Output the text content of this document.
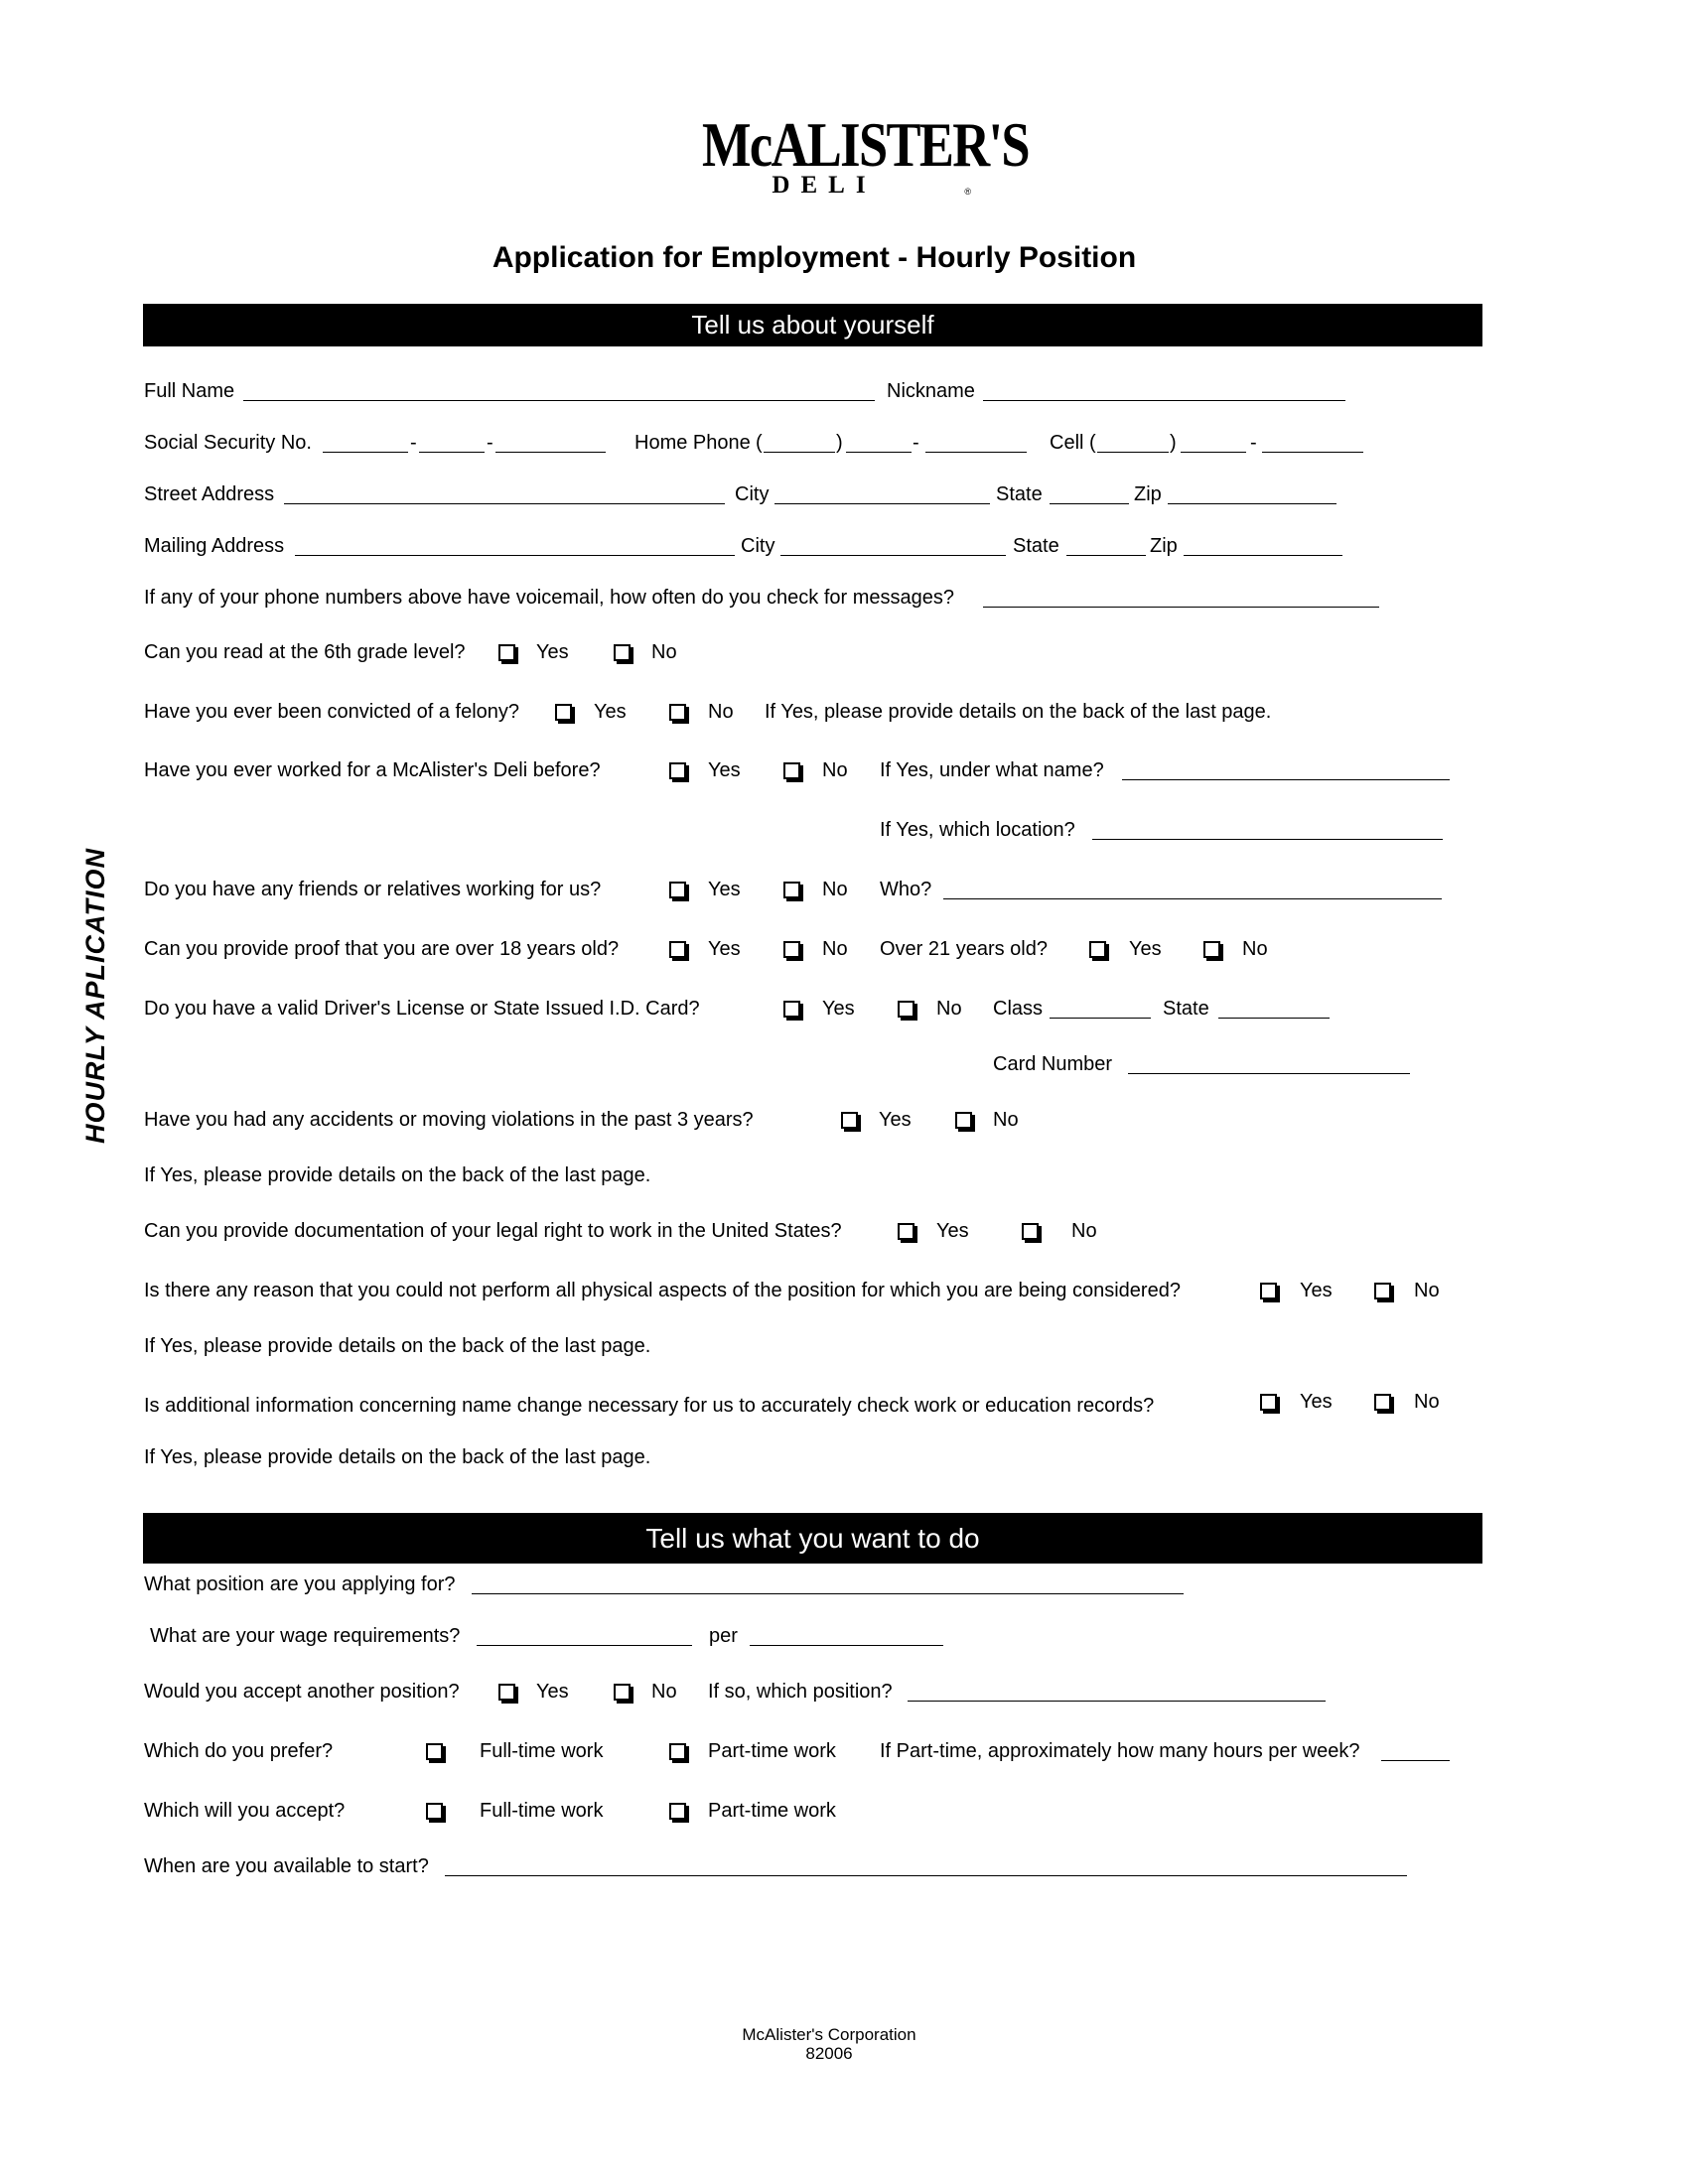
McALISTER'S
DELI	®
Application for Employment - Hourly Position
HOURLY APLICATION
Tell us about yourself
Full Name	Nickname
Social Security No.	-	-	Home Phone (	)	-	Cell (	)	-
Street Address	City	State	Zip
Mailing Address	City	State	Zip
If any of your phone numbers above have voicemail, how often do you check for messages?
Can you read at the 6th grade level?	Yes	No
Have you ever been convicted of a felony?	Yes	No If Yes, please provide details on the back of the last page.
Have you ever worked for a McAlister's Deli before?	Yes	No If Yes, under what name?
If Yes, which location?
Do you have any friends or relatives working for us?	Yes	No Who?
Can you provide proof that you are over 18 years old?	Yes	No Over 21 years old?	Yes	No
Do you have a valid Driver's License or State Issued I.D. Card?	Yes	No Class	State
Card Number
Have you had any accidents or moving violations in the past 3 years?	Yes	No
If Yes, please provide details on the back of the last page.
Can you provide documentation of your legal right to work in the United States?	Yes	No
Is there any reason that you could not perform all physical aspects of the position for which you are being considered?	Yes	No
If Yes, please provide details on the back of the last page.
Is additional information concerning name change necessary for us to accurately check work or education records?	Yes	No
If Yes, please provide details on the back of the last page.
Tell us what you want to do
What position are you applying for?
What are your wage requirements?	per
Would you accept another position?	Yes	No If so, which position?
Which do you prefer?	Full-time work	Part-time work If Part-time, approximately how many hours per week?
Which will you accept?	Full-time work	Part-time work
When are you available to start?
McAlister's Corporation
82006
